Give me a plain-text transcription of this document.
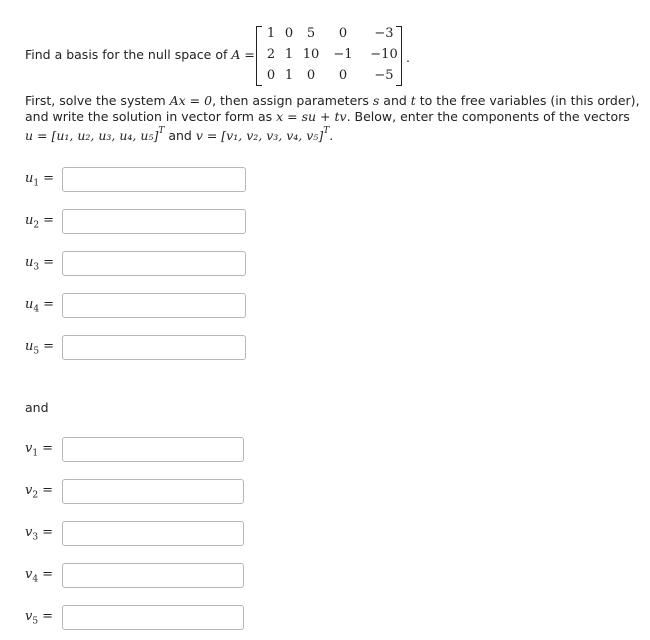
Find a basis for the null space of A =
1 0	5	0	−3
2 1 10	−1	−10
0 1	0	0	−5
.
First, solve the system Ax = 0, then assign parameters s and t to the free variables (in this order), and write the solution in vector form as x = su + tv. Below, enter the components of the vectors
u = [u₁, u₂, u₃, u₄, u₅]$^T$ and v = [v₁, v₂, v₃, v₄, v₅]$^T$.
$u_1$ =
$u_2$ =
$u_3$ =
$u_4$ =
$u_5$ =
and
$v_1$ =
$v_2$ =
$v_3$ =
$v_4$ =
$v_5$ =
